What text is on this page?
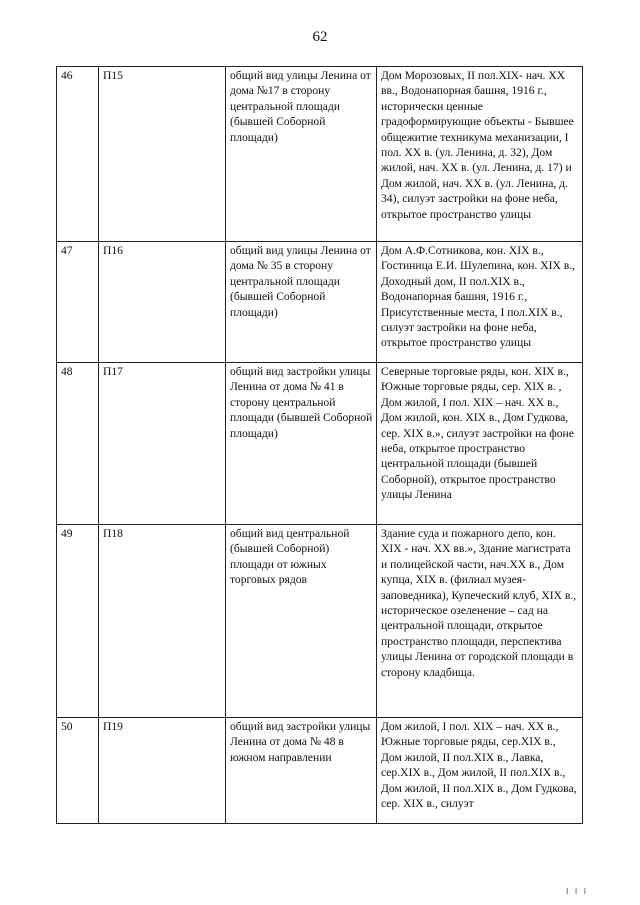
62
46	П15	общий вид улицы Ленина от дома №17 в сторону центральной площади (бывшей Соборной площади)	Дом Морозовых, II пол.XIX- нач. XX вв., Водонапорная башня, 1916 г., исторически ценные градоформирующие объекты - Бывшее общежитие техникума механизации, I пол. XX в. (ул. Ленина, д. 32), Дом жилой, нач. XX в. (ул. Ленина, д. 17) и Дом жилой, нач. XX в. (ул. Ленина, д. 34), силуэт застройки на фоне неба, открытое пространство улицы

47	П16	общий вид улицы Ленина от дома № 35 в сторону центральной площади (бывшей Соборной площади)	Дом А.Ф.Сотникова, кон. XIX в., Гостиница Е.И. Шулепина, кон. XIX в., Доходный дом, II пол.XIX в., Водонапорная башня, 1916 г., Присутственные места, I пол.XIX в., силуэт застройки на фоне неба, открытое пространство улицы

48	П17	общий вид застройки улицы Ленина от дома № 41 в сторону центральной площади (бывшей Соборной площади)	Северные торговые ряды, кон. XIX в., Южные торговые ряды, сер. XIX в. , Дом жилой, I пол. XIX – нач. XX в., Дом жилой, кон. XIX в., Дом Гудкова, сер. XIX в.», силуэт застройки на фоне неба, открытое пространство центральной площади (бывшей Соборной), открытое пространство улицы Ленина

49	П18	общий вид центральной (бывшей Соборной) площади от южных торговых рядов	Здание суда и пожарного депо, кон. XIX - нач. XX вв.», Здание магистрата и полицейской части, нач.XX в., Дом купца, XIX в. (филиал музея-заповедника), Купеческий клуб, XIX в., историческое озеленение – сад на центральной площади, открытое пространство площади, перспектива улицы Ленина от городской площади в сторону кладбища.

50	П19	общий вид застройки улицы Ленина от дома № 48 в южном направлении	Дом жилой, I пол. XIX – нач. XX в., Южные торговые ряды, сер.XIX в., Дом жилой, II пол.XIX в., Лавка, сер.XIX в., Дом жилой, II пол.XIX в., Дом жилой, II пол.XIX в., Дом Гудкова, сер. XIX в., силуэт
I I I
